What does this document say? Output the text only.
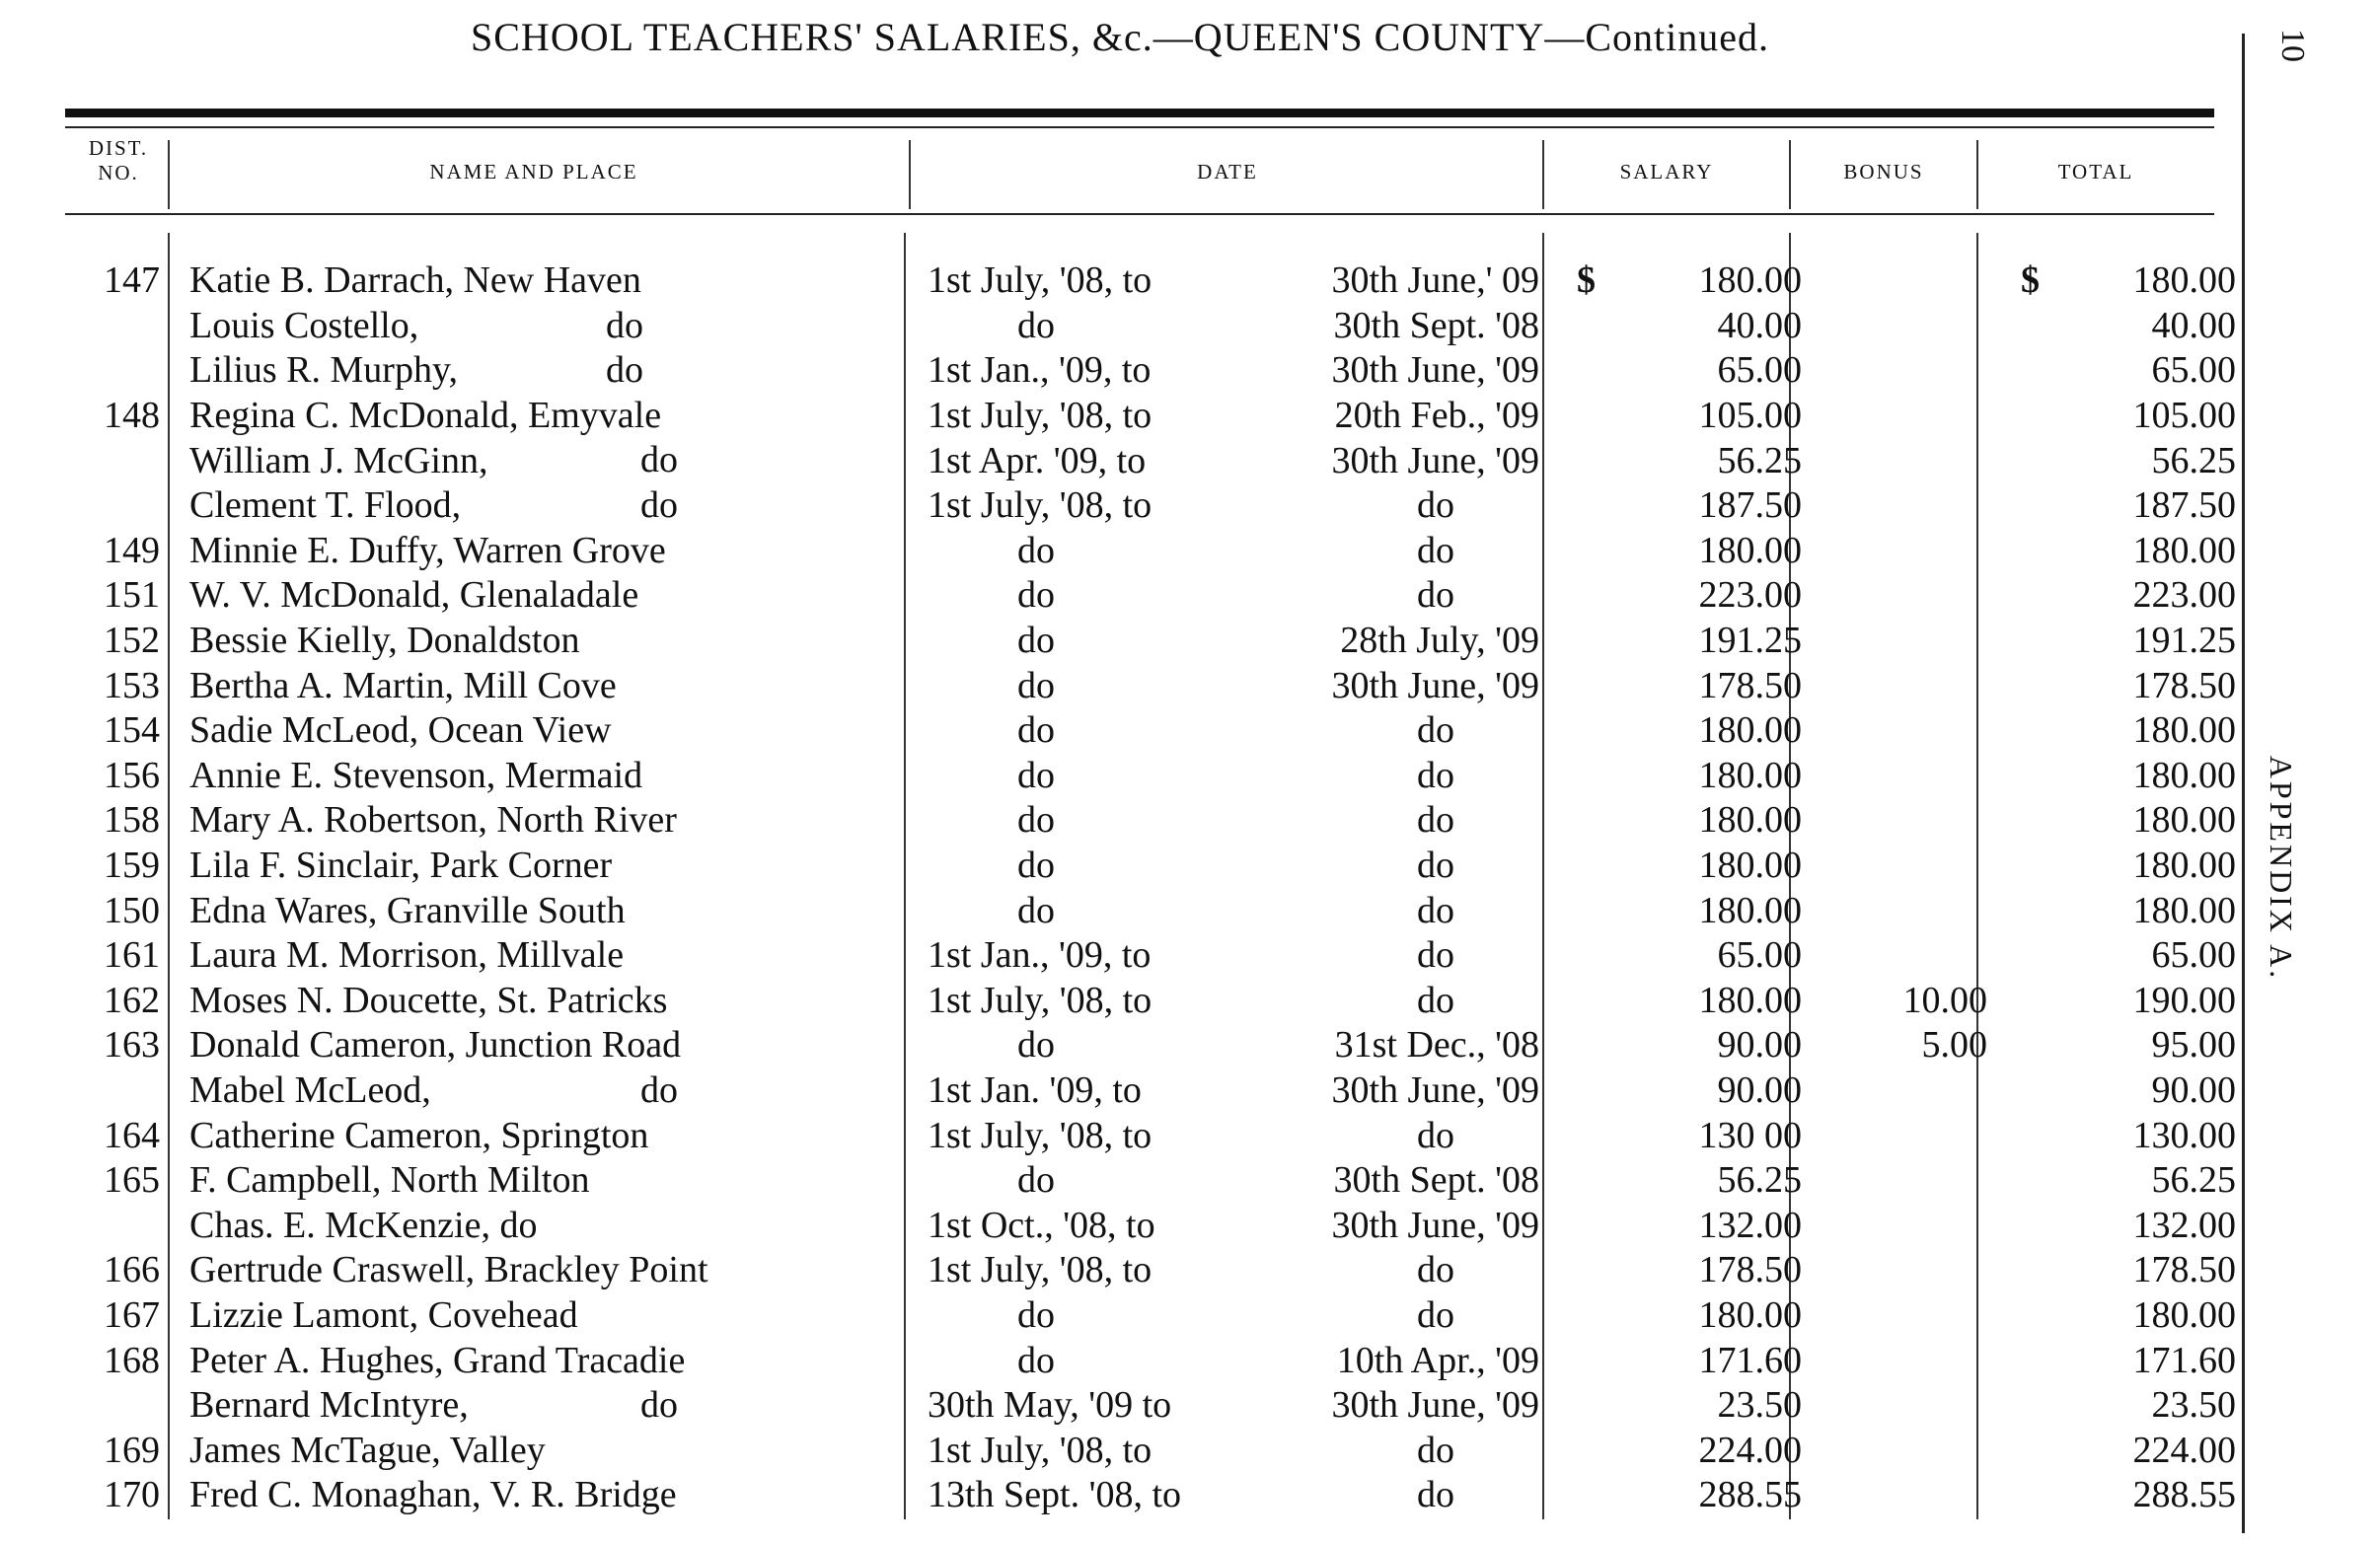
SCHOOL TEACHERS' SALARIES, &c.—QUEEN'S COUNTY—Continued.	10
APPENDIX A.
DIST. NO.	NAME AND PLACE	DATE	SALARY	BONUS	TOTAL
147	Katie B. Darrach, New Haven	1st July, '08, to	30th June,' 09	$ 180.00		$ 180.00
	Louis Costello, do	do	30th Sept. '08	40.00		40.00
	Lilius R. Murphy, do	1st Jan., '09, to	30th June, '09	65.00		65.00
148	Regina C. McDonald, Emyvale	1st July, '08, to	20th Feb., '09	105.00		105.00
	William J. McGinn, do	1st Apr. '09, to	30th June, '09	56.25		56.25
	Clement T. Flood, do	1st July, '08, to	do	187.50		187.50
149	Minnie E. Duffy, Warren Grove	do	do	180.00		180.00
151	W. V. McDonald, Glenaladale	do	do	223.00		223.00
152	Bessie Kielly, Donaldston	do	28th July, '09	191.25		191.25
153	Bertha A. Martin, Mill Cove	do	30th June, '09	178.50		178.50
154	Sadie McLeod, Ocean View	do	do	180.00		180.00
156	Annie E. Stevenson, Mermaid	do	do	180.00		180.00
158	Mary A. Robertson, North River	do	do	180.00		180.00
159	Lila F. Sinclair, Park Corner	do	do	180.00		180.00
150	Edna Wares, Granville South	do	do	180.00		180.00
161	Laura M. Morrison, Millvale	1st Jan., '09, to	do	65.00		65.00
162	Moses N. Doucette, St. Patricks	1st July, '08, to	do	180.00	10.00	190.00
163	Donald Cameron, Junction Road	do	31st Dec., '08	90.00	5.00	95.00
	Mabel McLeod, do	1st Jan. '09, to	30th June, '09	90.00		90.00
164	Catherine Cameron, Springton	1st July, '08, to	do	130 00		130.00
165	F. Campbell, North Milton	do	30th Sept. '08	56.25		56.25
	Chas. E. McKenzie, do	1st Oct., '08, to	30th June, '09	132.00		132.00
166	Gertrude Craswell, Brackley Point	1st July, '08, to	do	178.50		178.50
167	Lizzie Lamont, Covehead	do	do	180.00		180.00
168	Peter A. Hughes, Grand Tracadie	do	10th Apr., '09	171.60		171.60
	Bernard McIntyre, do	30th May, '09 to	30th June, '09	23.50		23.50
169	James McTague, Valley	1st July, '08, to	do	224.00		224.00
170	Fred C. Monaghan, V. R. Bridge	13th Sept. '08, to	do	288.55		288.55
